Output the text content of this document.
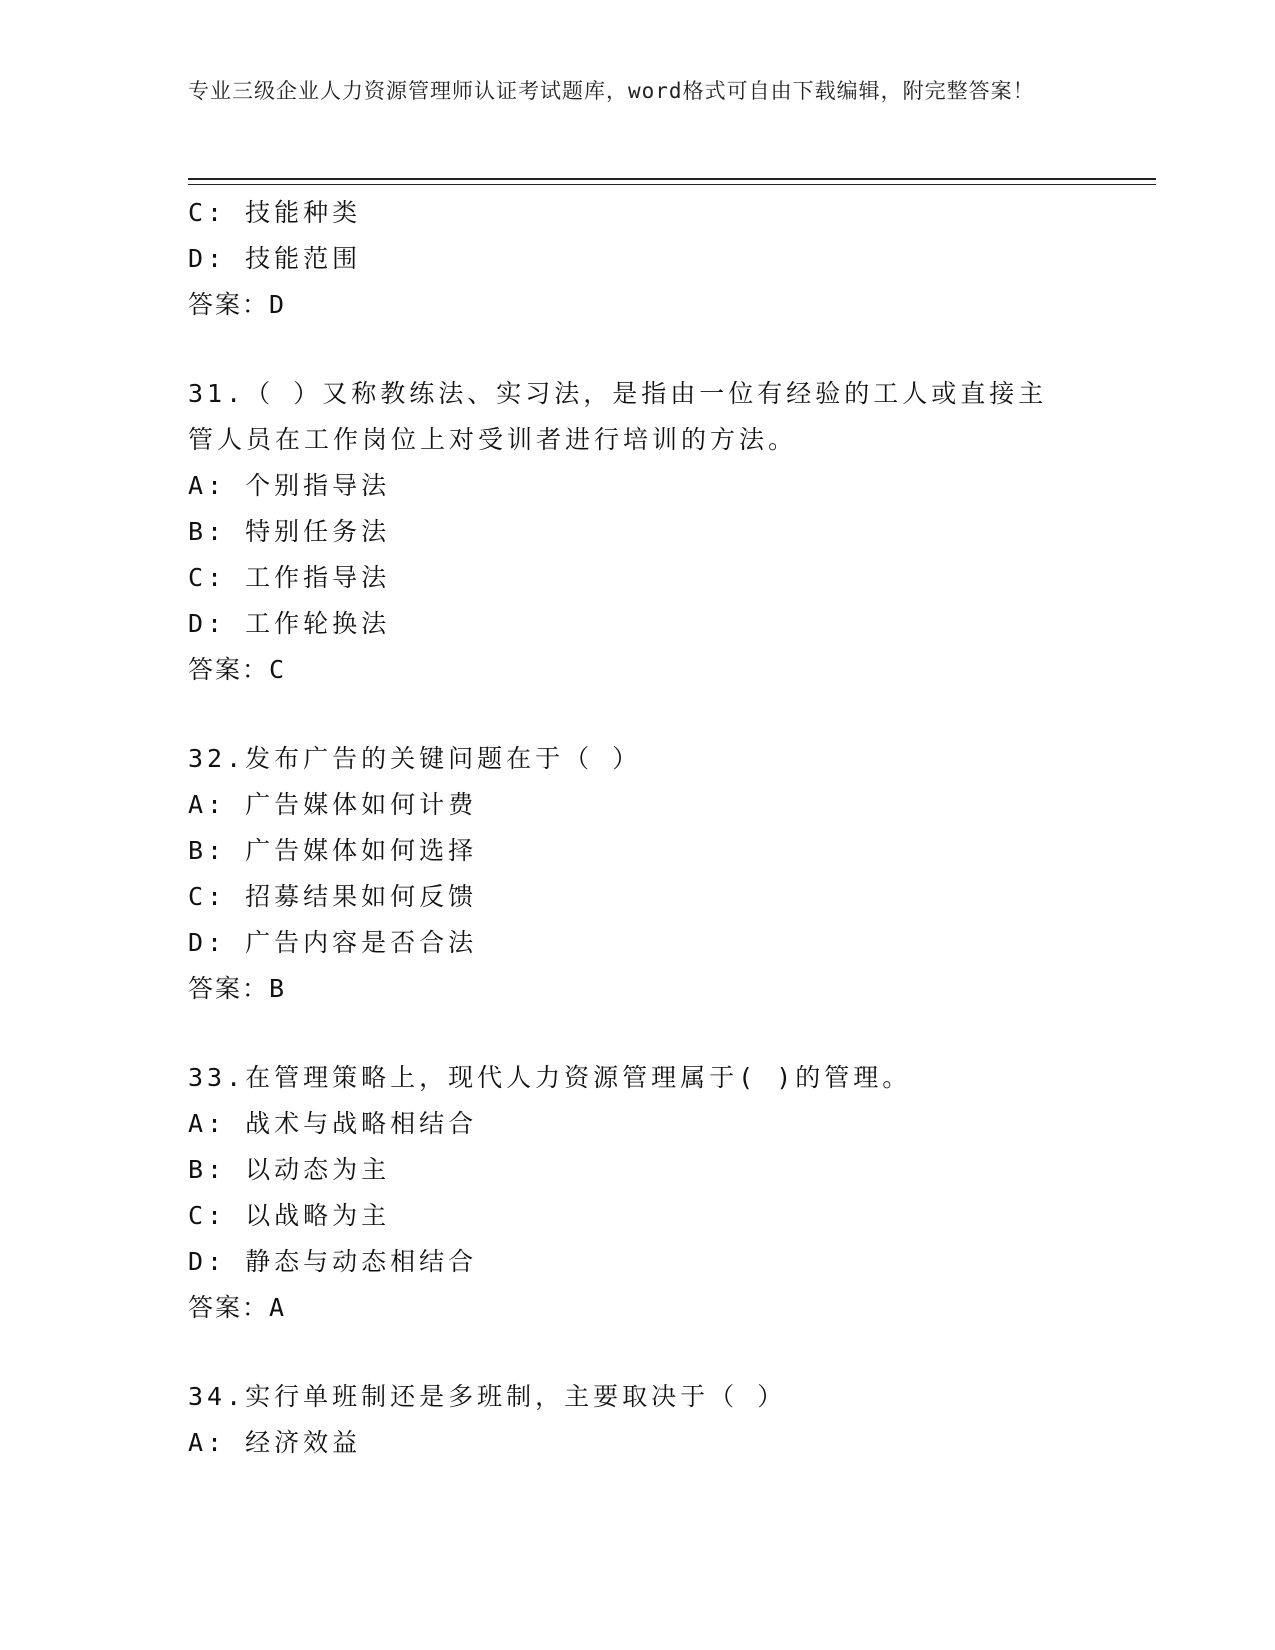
专业三级企业人力资源管理师认证考试题库，word格式可自由下载编辑，附完整答案！
C: 技能种类
D: 技能范围
答案：D
31.（ ）又称教练法、实习法，是指由一位有经验的工人或直接主
管人员在工作岗位上对受训者进行培训的方法。
A: 个别指导法
B: 特别任务法
C: 工作指导法
D: 工作轮换法
答案：C
32.发布广告的关键问题在于（ ）
A: 广告媒体如何计费
B: 广告媒体如何选择
C: 招募结果如何反馈
D: 广告内容是否合法
答案：B
33.在管理策略上，现代人力资源管理属于( )的管理。
A: 战术与战略相结合
B: 以动态为主
C: 以战略为主
D: 静态与动态相结合
答案：A
34.实行单班制还是多班制，主要取决于（ ）
A: 经济效益
